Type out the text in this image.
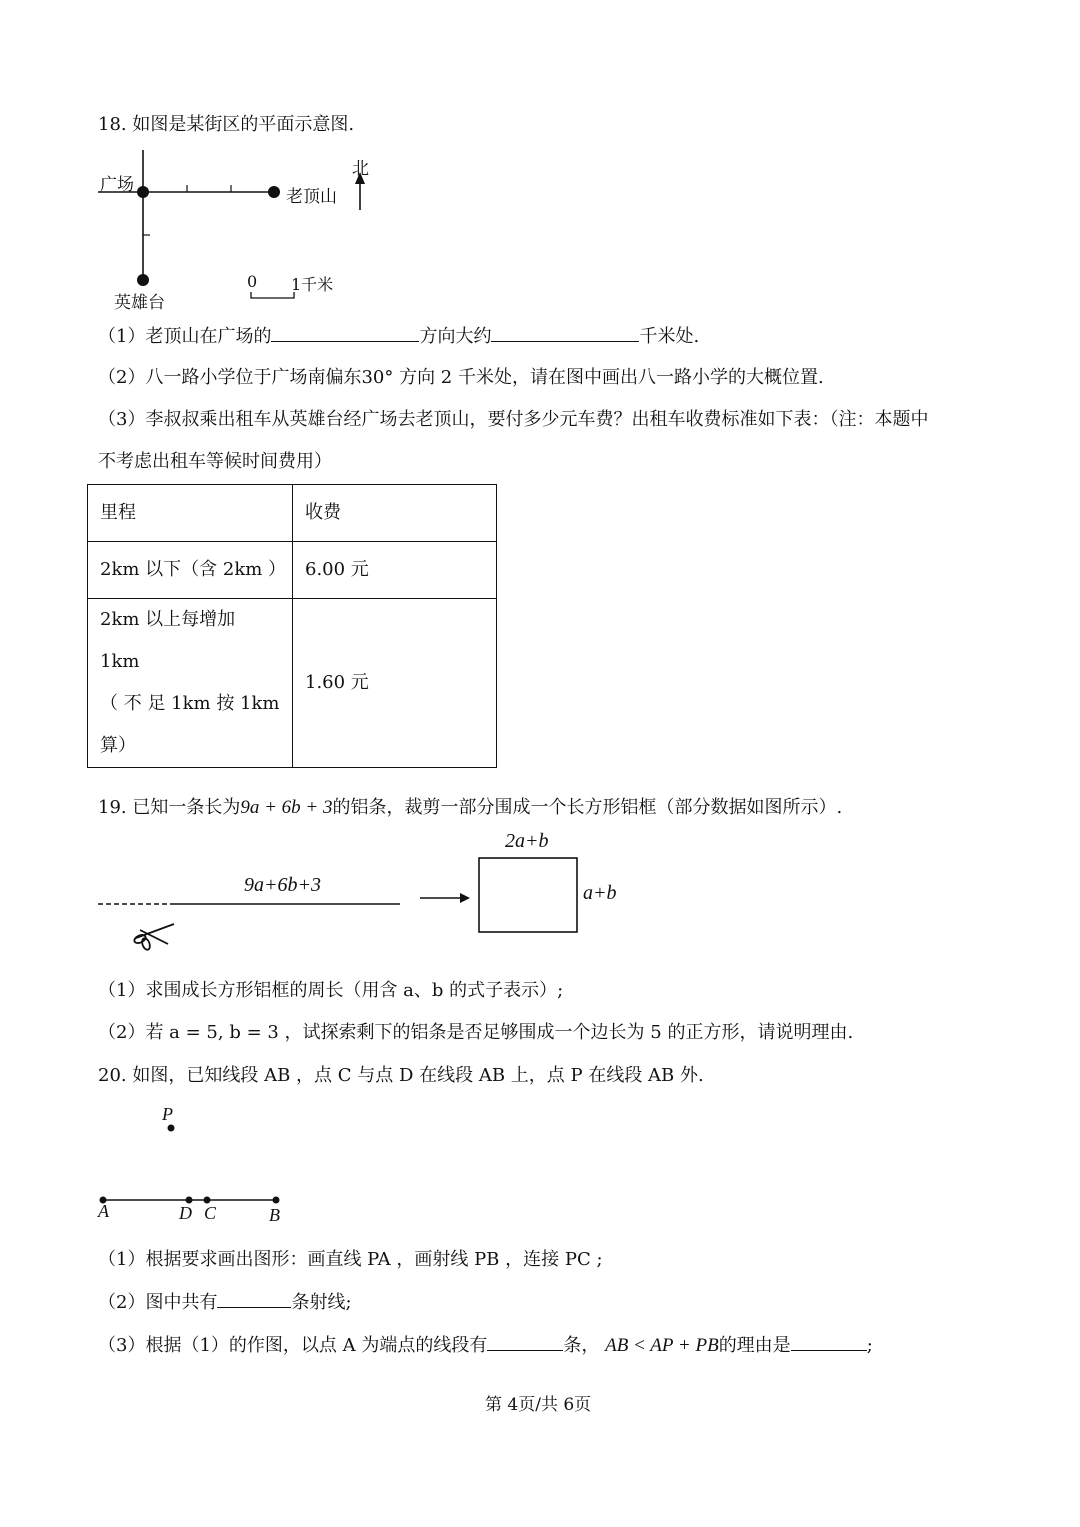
18. 如图是某街区的平面示意图.
广场
老顶山
英雄台
北
0 1千米
（1）老顶山在广场的	方向大约	千米处.
（2）八一路小学位于广场南偏东30° 方向 2 千米处，请在图中画出八一路小学的大概位置.
（3）李叔叔乘出租车从英雄台经广场去老顶山，要付多少元车费？出租车收费标准如下表：（注：本题中
不考虑出租车等候时间费用）
里程	收费
2km 以下（含 2km ）	6.00 元

2km 以上每增加 1km
（ 不 足 1km 按 1km
算）	1.60 元
19. 已知一条长为9a + 6b + 3的铝条，裁剪一部分围成一个长方形铝框（部分数据如图所示）.
9a+6b+3
2a+b
a+b
（1）求围成长方形铝框的周长（用含 a、b 的式子表示）;
（2）若 a = 5, b = 3 ，试探索剩下的铝条是否足够围成一个边长为 5 的正方形，请说明理由.
20. 如图，已知线段 AB ，点 C 与点 D 在线段 AB 上，点 P 在线段 AB 外.
P
A	D C	B
（1）根据要求画出图形：画直线 PA ，画射线 PB ，连接 PC ;
（2）图中共有	条射线;
（3）根据（1）的作图，以点 A 为端点的线段有	条， AB < AP + PB的理由是	;
第 4页/共 6页
